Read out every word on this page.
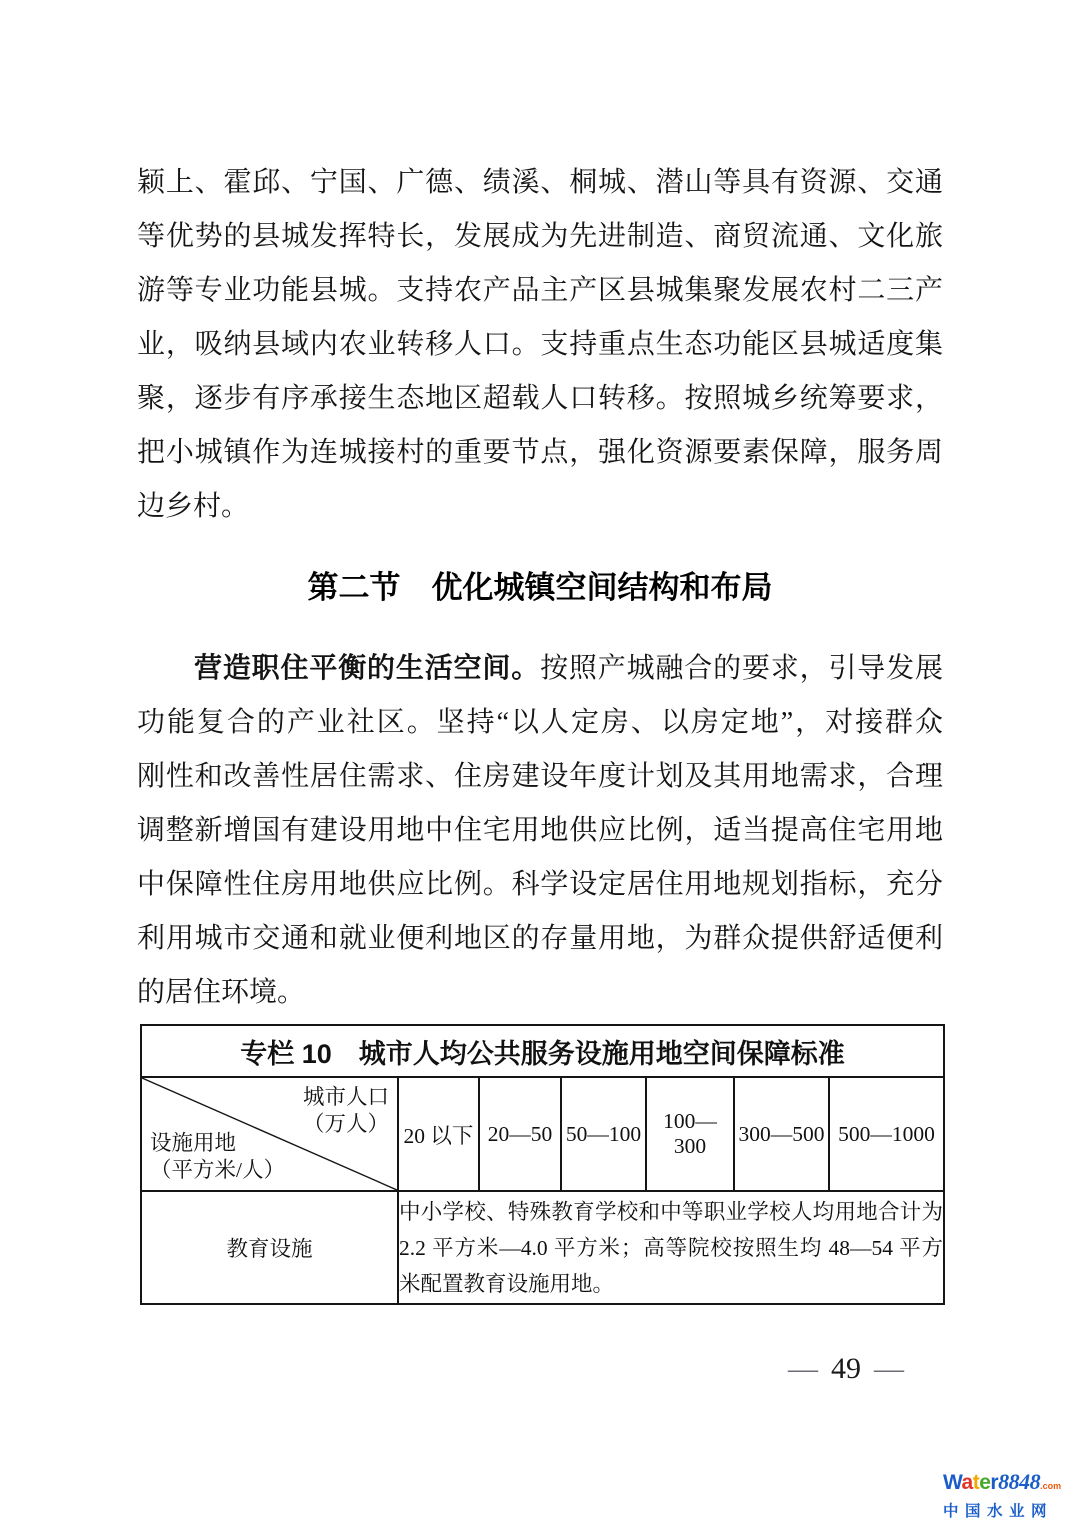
颖上、霍邱、宁国、广德、绩溪、桐城、潜山等具有资源、交通
等优势的县城发挥特长，发展成为先进制造、商贸流通、文化旅
游等专业功能县城。支持农产品主产区县城集聚发展农村二三产
业，吸纳县域内农业转移人口。支持重点生态功能区县城适度集
聚，逐步有序承接生态地区超载人口转移。按照城乡统筹要求，
把小城镇作为连城接村的重要节点，强化资源要素保障，服务周
边乡村。
第二节　优化城镇空间结构和布局
营造职住平衡的生活空间。按照产城融合的要求，引导发展
功能复合的产业社区。坚持“以人定房、以房定地”，对接群众
刚性和改善性居住需求、住房建设年度计划及其用地需求，合理
调整新增国有建设用地中住宅用地供应比例，适当提高住宅用地
中保障性住房用地供应比例。科学设定居住用地规划指标，充分
利用城市交通和就业便利地区的存量用地，为群众提供舒适便利
的居住环境。
专栏 10　城市人均公共服务设施用地空间保障标准						

城市人口
（万人）
设施用地
（平方米/人）	20 以下	20—50	50—100	100—300	300—500	500—1000
教育设施	中小学校、特殊教育学校和中等职业学校人均用地合计为 2.2 平方米—4.0 平方米；高等院校按照生均 48—54 平方米配置教育设施用地。					
— 49 —
Water8848.com
中国水业网
